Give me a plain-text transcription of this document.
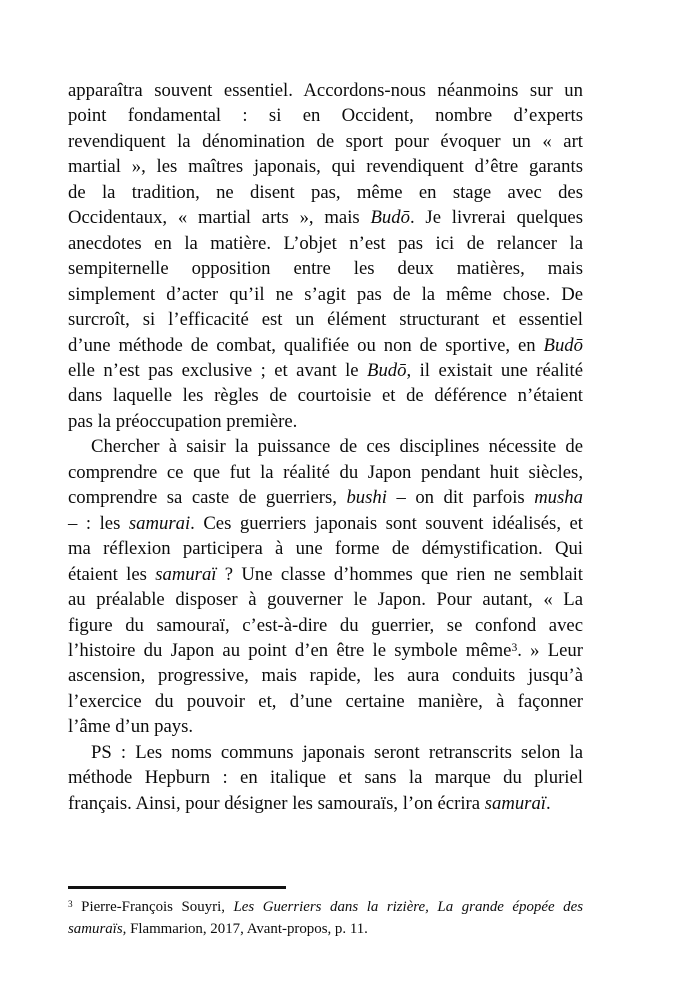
apparaîtra souvent essentiel. Accordons-nous néanmoins sur un
point fondamental : si en Occident, nombre d’experts
revendiquent la dénomination de sport pour évoquer un « art
martial », les maîtres japonais, qui revendiquent d’être garants
de la tradition, ne disent pas, même en stage avec des
Occidentaux, « martial arts », mais Budō. Je livrerai quelques
anecdotes en la matière. L’objet n’est pas ici de relancer la
sempiternelle opposition entre les deux matières, mais
simplement d’acter qu’il ne s’agit pas de la même chose. De
surcroît, si l’efficacité est un élément structurant et essentiel
d’une méthode de combat, qualifiée ou non de sportive, en Budō
elle n’est pas exclusive ; et avant le Budō, il existait une réalité
dans laquelle les règles de courtoisie et de déférence n’étaient
pas la préoccupation première.
Chercher à saisir la puissance de ces disciplines nécessite de
comprendre ce que fut la réalité du Japon pendant huit siècles,
comprendre sa caste de guerriers, bushi – on dit parfois musha
– : les samurai. Ces guerriers japonais sont souvent idéalisés, et
ma réflexion participera à une forme de démystification. Qui
étaient les samuraï ? Une classe d’hommes que rien ne semblait
au préalable disposer à gouverner le Japon. Pour autant, « La
figure du samouraï, c’est-à-dire du guerrier, se confond avec
l’histoire du Japon au point d’en être le symbole même$^3$. » Leur
ascension, progressive, mais rapide, les aura conduits jusqu’à
l’exercice du pouvoir et, d’une certaine manière, à façonner
l’âme d’un pays.
PS : Les noms communs japonais seront retranscrits selon la
méthode Hepburn : en italique et sans la marque du pluriel
français. Ainsi, pour désigner les samouraïs, l’on écrira samuraï.
$^3$ Pierre-François Souyri, Les Guerriers dans la rizière, La grande épopée des
samuraïs, Flammarion, 2017, Avant-propos, p. 11.
